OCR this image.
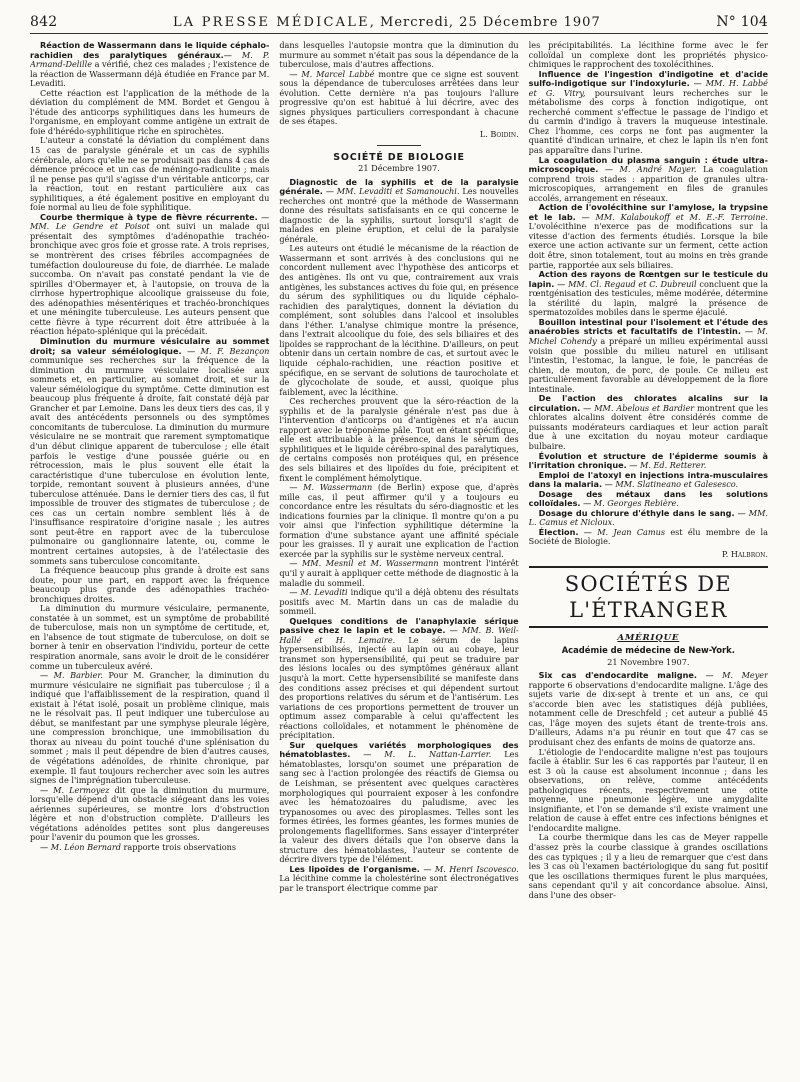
842	LA PRESSE MÉDICALE, Mercredi, 25 Décembre 1907	N° 104

Réaction de Wassermann dans le liquide céphalo-rachidien des paralytiques généraux.— M. P. Armand-Delille a vérifié, chez ces malades ; l'existence de la réaction de Wassermann déjà étudiée en France par M. Levaditi.

Cette réaction est l'application de la méthode de la déviation du complément de MM. Bordet et Gengou à l'étude des anticorps syphilitiques dans les humeurs de l'organisme, en employant comme antigène un extrait de foie d'hérédo-syphilitique riche en spirochètes.

L'auteur a constaté la déviation du complément dans 15 cas de paralysie générale et un cas de syphilis cérébrale, alors qu'elle ne se produisait pas dans 4 cas de démence précoce et un cas de méningo-radiculite ; mais il ne pense pas qu'il s'agisse d'un véritable anticorps, car la réaction, tout en restant particulière aux cas syphilitiques, a été également positive en employant du foie normal au lieu de foie syphilitique.

Courbe thermique à type de fièvre récurrente. — MM. Le Gendre et Poisot ont suivi un malade qui présentait des symptômes d'adénopathie trachéo-bronchique avec gros foie et grosse rate. A trois reprises, se montrèrent des crises fébriles accompagnées de tuméfaction douloureuse du foie, de diarrhée. Le malade succomba. On n'avait pas constaté pendant la vie de spirilles d'Obermayer et, à l'autopsie, on trouva de la cirrhose hypertrophique alcoolique graisseuse du foie, des adénopathies mésentériques et trachéo-bronchiques et une méningite tuberculeuse. Les auteurs pensent que cette fièvre à type récurrent doit être attribuée à la réaction hépato-splénique qui la précédait.

Diminution du murmure vésiculaire au sommet droit; sa valeur séméiologique. — M. F. Bezançon communique ses recherches sur la fréquence de la diminution du murmure vésiculaire localisée aux sommets et, en particulier, au sommet droit, et sur la valeur séméiologique du symptôme. Cette diminution est beaucoup plus fréquente à droite, fait constaté déjà par Grancher et par Lemoine. Dans les deux tiers des cas, il y avait des antécédents personnels ou des symptômes concomitants de tuberculose. La diminution du murmure vésiculaire ne se montrait que rarement symptomatique d'un début clinique apparent de tuberculose ; elle était parfois le vestige d'une poussée guérie ou en rétrocession, mais le plus souvent elle était la caractéristique d'une tuberculose en évolution lente, torpide, remontant souvent à plusieurs années, d'une tuberculose atténuée. Dans le dernier tiers des cas, il fut impossible de trouver des stigmates de tuberculose ; de ces cas un certain nombre semblent liés à de l'insuffisance respiratoire d'origine nasale ; les autres sont peut-être en rapport avec de la tuberculose pulmonaire ou ganglionnaire latente, ou, comme le montrent certaines autopsies, à de l'atélectasie des sommets sans tuberculose concomitante.

La fréquence beaucoup plus grande à droite est sans doute, pour une part, en rapport avec la fréquence beaucoup plus grande des adénopathies trachéo-bronchiques droites.

La diminution du murmure vésiculaire, permanente, constatée à un sommet, est un symptôme de probabilité de tuberculose, mais non un symptôme de certitude, et, en l'absence de tout stigmate de tuberculose, on doit se borner à tenir en observation l'individu, porteur de cette respiration anormale, sans avoir le droit de le considérer comme un tuberculeux avéré.

— M. Barbier. Pour M. Grancher, la diminution du murmure vésiculaire ne signifiait pas tuberculose ; il a indiqué que l'affaiblissement de la respiration, quand il existait à l'état isolé, posait un problème clinique, mais ne le résolvait pas. Il peut indiquer une tuberculose au début, se manifestant par une symphyse pleurale légère, une compression bronchique, une immobilisation du thorax au niveau du point touché d'une splénisation du sommet ; mais il peut dépendre de bien d'autres causes, de végétations adénoïdes, de rhinite chronique, par exemple. Il faut toujours rechercher avec soin les autres signes de l'imprégnation tuberculeuse.

— M. Lermoyez dit que la diminution du murmure, lorsqu'elle dépend d'un obstacle siégeant dans les voies aériennes supérieures, se montre lors d'obstruction légère et non d'obstruction complète. D'ailleurs les végétations adénoïdes petites sont plus dangereuses pour l'avenir du poumon que les grosses.

— M. Léon Bernard rapporte trois observations

dans lesquelles l'autopsie montra que la diminution du murmure au sommet n'était pas sous la dépendance de la tuberculose, mais d'autres affections.

— M. Marcel Labbé montre que ce signe est souvent sous la dépendance de tuberculoses arrêtées dans leur évolution. Cette dernière n'a pas toujours l'allure progressive qu'on est habitué à lui décrire, avec des signes physiques particuliers correspondant à chacune de ses étapes.

L. Boidin.

SOCIÉTÉ DE BIOLOGIE
21 Décembre 1907.

Diagnostic de la syphilis et de la paralysie générale. — MM. Levaditi et Samanouchi. Les nouvelles recherches ont montré que la méthode de Wassermann donne des résultats satisfaisants en ce qui concerne le diagnostic de la syphilis, surtout lorsqu'il s'agit de malades en pleine éruption, et celui de la paralysie générale.

Les auteurs ont étudié le mécanisme de la réaction de Wassermann et sont arrivés à des conclusions qui ne concordent nullement avec l'hypothèse des anticorps et des antigènes. Ils ont vu que, contrairement aux vrais antigènes, les substances actives du foie qui, en présence du sérum des syphilitiques ou du liquide céphalo-rachidien des paralytiques, donnent la déviation du complément, sont solubles dans l'alcool et insolubles dans l'éther. L'analyse chimique montre la présence, dans l'extrait alcoolique du foie, des sels biliaires et des lipoïdes se rapprochant de la lécithine. D'ailleurs, on peut obtenir dans un certain nombre de cas, et surtout avec le liquide céphalo-rachidien, une réaction positive et spécifique, en se servant de solutions de taurocholate et de glycocholate de soude, et aussi, quoique plus faiblement, avec la lécithine.

Ces recherches prouvent que la séro-réaction de la syphilis et de la paralysie générale n'est pas due à l'intervention d'anticorps ou d'antigènes et n'a aucun rapport avec le tréponème pâle. Tout en étant spécifique, elle est attribuable à la présence, dans le sérum des syphilitiques et le liquide cérébro-spinal des paralytiques, de certains composés non protéiques qui, en présence des sels biliaires et des lipoïdes du foie, précipitent et fixent le complément hémolytique.

— M. Wassermann (de Berlin) expose que, d'après mille cas, il peut affirmer qu'il y a toujours eu concordance entre les résultats du séro-diagnostic et les indications fournies par la clinique. Il montre qu'on a pu voir ainsi que l'infection syphilitique détermine la formation d'une substance ayant une affinité spéciale pour les graisses. Il y aurait une explication de l'action exercée par la syphilis sur le système nerveux central.

— MM. Mesnil et M. Wassermann montrent l'intérêt qu'il y aurait à appliquer cette méthode de diagnostic à la maladie du sommeil.

— M. Levaditi indique qu'il a déjà obtenu des résultats positifs avec M. Martin dans un cas de maladie du sommeil.

Quelques conditions de l'anaphylaxie sérique passive chez le lapin et le cobaye. — MM. B. Weil-Hallé et H. Lemaire. Le sérum de lapins hypersensibilisés, injecté au lapin ou au cobaye, leur transmet son hypersensibilité, qui peut se traduire par des lésions locales ou des symptômes généraux allant jusqu'à la mort. Cette hypersensibilité se manifeste dans des conditions assez précises et qui dépendent surtout des proportions relatives du sérum et de l'antisérum. Les variations de ces proportions permettent de trouver un optimum assez comparable à celui qu'affectent les réactions colloïdales, et notamment le phénomène de précipitation.

Sur quelques variétés morphologiques des hématoblastes. — M. L. Nattan-Larrier. Les hématoblastes, lorsqu'on soumet une préparation de sang sec à l'action prolongée des réactifs de Giemsa ou de Leishman, se présentent avec quelques caractères morphologiques qui pourraient exposer à les confondre avec les hématozoaires du paludisme, avec les trypanosomes ou avec des piroplasmes. Telles sont les formes étirées, les formes géantes, les formes munies de prolongements flagelliformes. Sans essayer d'interpréter la valeur des divers détails que l'on observe dans la structure des hématoblastes, l'auteur se contente de décrire divers type de l'élément.

Les lipoïdes de l'organisme. — M. Henri Iscovesco. La lécithine comme la cholestérine sont électronégatives par le transport électrique comme par

les précipitabilités. La lécithine forme avec le fer colloïdal un complexe dont les propriétés physico-chimiques le rapprochent des toxolécithines.

Influence de l'ingestion d'indigotine et d'acide sulfo-indigotique sur l'indoxylurie. — MM. H. Labbé et G. Vitry, poursuivant leurs recherches sur le métabolisme des corps à fonction indigotique, ont recherché comment s'effectue le passage de l'indigo et du carmin d'indigo à travers la muqueuse intestinale. Chez l'homme, ces corps ne font pas augmenter la quantité d'indican urinaire, et chez le lapin ils n'en font pas apparaître dans l'urine.

La coagulation du plasma sanguin : étude ultra-microscopique. — M. André Mayer. La coagulation comprend trois stades : apparition de granules ultra-microscopiques, arrangement en files de granules accolés, arrangement en réseaux.

Action de l'ovolécithine sur l'amylose, la trypsine et le lab. — MM. Kalaboukoff et M. E.-F. Terroine. L'ovolécithine n'exerce pas de modifications sur la vitesse d'action des ferments étudiés. Lorsque la bile exerce une action activante sur un ferment, cette action doit être, sinon totalement, tout au moins en très grande partie, rapportée aux sels biliaires.

Action des rayons de Rœntgen sur le testicule du lapin. — MM. Cl. Regaud et C. Dubreuil concluent que la rœntgénisation des testicules, même modérée, détermine la stérilité du lapin, malgré la présence de spermatozoïdes mobiles dans le sperme éjaculé.

Bouillon intestinal pour l'isolement et l'étude des anaérobies stricts et facultatifs de l'intestin. — M. Michel Cohendy a préparé un milieu expérimental aussi voisin que possible du milieu naturel en utilisant l'intestin, l'estomac, la langue, le foie, le pancréas de chien, de mouton, de porc, de poule. Ce milieu est particulièrement favorable au développement de la flore intestinale.

De l'action des chlorates alcalins sur la circulation. — MM. Abelous et Bardier montrent que les chlorates alcalins doivent être considérés comme de puissants modérateurs cardiaques et leur action paraît due à une excitation du noyau moteur cardiaque bulbaire.

Évolution et structure de l'épiderme soumis à l'irritation chronique. — M. Ed. Retterer.

Emploi de l'atoxyl en injections intra-musculaires dans la malaria. — MM. Slatineano et Galesesco.

Dosage des métaux dans les solutions colloïdales. — M. Georges Rebière.

Dosage du chlorure d'éthyle dans le sang. — MM. L. Camus et Nicloux.

Élection. — M. Jean Camus est élu membre de la Société de Biologie.

P. Halbron.

SOCIÉTÉS DE L'ÉTRANGER
AMÉRIQUE
Académie de médecine de New-York.
21 Novembre 1907.

Six cas d'endocardite maligne. — M. Meyer rapporte 6 observations d'endocardite maligne. L'âge des sujets varie de dix-sept à trente et un ans, ce qui s'accorde bien avec les statistiques déjà publiées, notamment celle de Dreschfeld ; cet auteur a publié 45 cas, l'âge moyen des sujets étant de trente-trois ans. D'ailleurs, Adams n'a pu réunir en tout que 47 cas se produisant chez des enfants de moins de quatorze ans.

L'étiologie de l'endocardite maligne n'est pas toujours facile à établir. Sur les 6 cas rapportés par l'auteur, il en est 3 où la cause est absolument inconnue ; dans les observations, on relève, comme antécédents pathologiques récents, respectivement une otite moyenne, une pneumonie légère, une amygdalite insignifiante, et l'on se demande s'il existe vraiment une relation de cause à effet entre ces infections bénignes et l'endocardite maligne.

La courbe thermique dans les cas de Meyer rappelle d'assez près la courbe classique à grandes oscillations des cas typiques ; il y a lieu de remarquer que c'est dans les 3 cas où l'examen bactériologique du sang fut positif que les oscillations thermiques furent le plus marquées, sans cependant qu'il y ait concordance absolue. Ainsi, dans l'une des obser-
